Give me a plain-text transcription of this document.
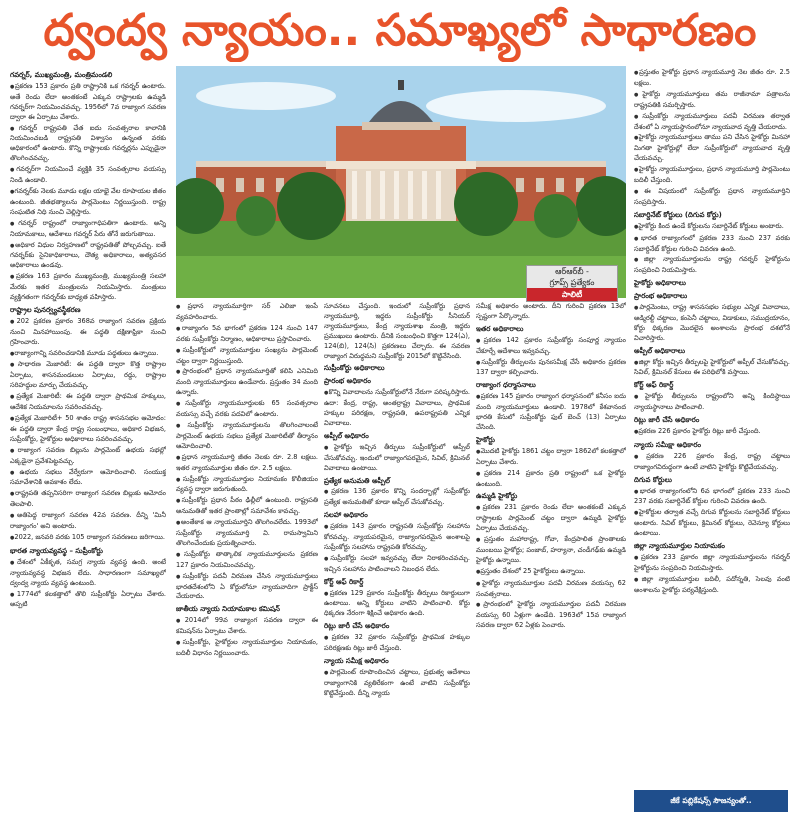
ద్వంద్వ న్యాయం.. సమాఖ్యలో సాధారణం
గవర్నర్, ముఖ్యమంత్రి, మంత్రిమండలి
● ప్రకరణ 153 ప్రకారం ప్రతి రాష్ట్రానికి ఒక గవర్నర్ ఉంటారు. అతే రెండు లేదా అంతకంటే ఎక్కువ రాష్ట్రాలకు ఉమ్మడి గవర్నర్‌గా నియమించవచ్చు. 1956లో 7వ రాజ్యాంగ సవరణ ద్వారా ఈ ఏర్పాటు చేశారు.
● గవర్నర్ రాష్ట్రపతి చేత ఐదు సంవత్సరాల కాలానికి నియమించబడి రాష్ట్రపతి విశ్వాసం ఉన్నంత వరకు అధికారంలో ఉంటారు. కొన్ని రాష్ట్రాలకు గవర్నర్లను ఎప్పుడైనా తొలగించవచ్చు.
● గవర్నర్‌గా నియమించే వ్యక్తికి 35 సంవత్సరాల వయస్సు నిండి ఉండాలి.
● గవర్నర్‌కు నెలకు మూడు లక్షల యాభై వేల రూపాయల జీతం ఉంటుంది. జీతభత్యాలను పార్లమెంటు నిర్ణయిస్తుంది. రాష్ట్ర సంఘటిత నిధి నుంచి చెల్లిస్తారు.
● గవర్నర్ రాష్ట్రంలో రాజ్యాంగాధిపతిగా ఉంటారు. అన్ని నియామకాలు, ఆదేశాలు గవర్నర్ పేరు తోనే జరుగుతాయి.
● అధికార విధుల నిర్వహణలో రాష్ట్రపతితో పోల్చవచ్చు. ఐతే గవర్నర్‌కు సైనికాధికారాలు, దౌత్య అధికారాలు, అత్యవసర అధికారాలు ఉండవు.
● ప్రకరణ 163 ప్రకారం ముఖ్యమంత్రి, ముఖ్యమంత్రి సలహా మేరకు ఇతర మంత్రులను నియమిస్తారు. మంత్రులు వ్యక్తిగతంగా గవర్నర్‌కు బాధ్యత వహిస్తారు.
రాష్ట్రాల పునర్వ్యవస్థీకరణ
● 202 ప్రకరణ ప్రకారం 368వ రాజ్యాంగ సవరణ ప్రక్రియ నుంచి మినహాయింపు. ఈ పద్ధతి దక్షిణాఫ్రికా నుంచి గ్రహించారు.
● రాజ్యాంగాన్ని సవరించడానికి మూడు పద్ధతులు ఉన్నాయి.
● సాధారణ మెజారిటీ: ఈ పద్ధతి ద్వారా కొత్త రాష్ట్రాల ఏర్పాటు, శాసనమండలుల ఏర్పాటు, రద్దు, రాష్ట్రాల సరిహద్దుల మార్పు చేయవచ్చు.
● ప్రత్యేక మెజారిటీ: ఈ పద్ధతి ద్వారా ప్రాథమిక హక్కులు, ఆదేశిక నియమాలను సవరించవచ్చు.
● ప్రత్యేక మెజారిటీ+ 50 శాతం రాష్ట్ర శాసనసభల ఆమోదం: ఈ పద్ధతి ద్వారా కేంద్ర రాష్ట్ర సంబంధాలు, అధికార విభజన, సుప్రీంకోర్టు, హైకోర్టుల అధికారాలు సవరించవచ్చు.
● రాజ్యాంగ సవరణ బిల్లును పార్లమెంట్ ఉభయ సభల్లో ఎక్కడైనా ప్రవేశపెట్టవచ్చు.
● ఉభయ సభలు వేర్వేరుగా ఆమోదించాలి. సంయుక్త సమావేశానికి అవకాశం లేదు.
● రాష్ట్రపతి తప్పనిసరిగా రాజ్యాంగ సవరణ బిల్లుకు ఆమోదం తెలపాలి.
● అతిపెద్ద రాజ్యాంగ సవరణ 42వ సవరణ. దీన్ని 'మినీ రాజ్యాంగం' అని అంటారు.
● 2022, జనవరి వరకు 105 రాజ్యాంగ సవరణలు జరిగాయి.
భారత న్యాయవ్యవస్థ – సుప్రీంకోర్టు
● దేశంలో ఏకీకృత, సమగ్ర న్యాయ వ్యవస్థ ఉంది. అంటే న్యాయవ్యవస్థ విభజన లేదు. సాధారణంగా సమాఖ్యలో ద్వంద్వ న్యాయ వ్యవస్థ ఉంటుంది.
● 1774లో కలకత్తాలో తొలి సుప్రీంకోర్టు ఏర్పాటు చేశారు. అప్పటి
ఆర్‌ఆర్‌బీ -
గ్రూప్స్ ప్రత్యేకం
పాలిటీ
● ప్రధాన న్యాయమూర్తిగా సర్ ఎలిజా ఇంపే వ్యవహరించారు.
● రాజ్యాంగం 5వ భాగంలో ప్రకరణ 124 నుంచి 147 వరకు సుప్రీంకోర్టు నిర్మాణం, అధికారాలు ప్రస్తావించారు.
● సుప్రీంకోర్టులో న్యాయమూర్తుల సంఖ్యను పార్లమెంట్ చట్టం ద్వారా నిర్ణయిస్తుంది.
● ప్రారంభంలో ప్రధాన న్యాయమూర్తితో కలిపి ఎనిమిది మంది న్యాయమూర్తులు ఉండేవారు. ప్రస్తుతం 34 మంది ఉన్నారు.
● సుప్రీంకోర్టు న్యాయమూర్తులకు 65 సంవత్సరాల వయస్సు వచ్చే వరకు పదవిలో ఉంటారు.
● సుప్రీంకోర్టు న్యాయమూర్తులను తొలగించాలంటే పార్లమెంట్ ఉభయ సభలు ప్రత్యేక మెజారిటీతో తీర్మానం ఆమోదించాలి.
● ప్రధాన న్యాయమూర్తి జీతం నెలకు రూ. 2.8 లక్షలు. ఇతర న్యాయమూర్తుల జీతం రూ. 2.5 లక్షలు.
● సుప్రీంకోర్టు న్యాయమూర్తుల నియామకం కొలీజియం వ్యవస్థ ద్వారా జరుగుతుంది.
● సుప్రీంకోర్టు ప్రధాన పీఠం ఢిల్లీలో ఉంటుంది. రాష్ట్రపతి అనుమతితో ఇతర ప్రాంతాల్లో సమావేశం కావచ్చు.
● అంతేకాక ఆ న్యాయమూర్తిని తొలగించలేదు. 1993లో సుప్రీంకోర్టు న్యాయమూర్తి వి. రామస్వామిని తొలగించేందుకు ప్రయత్నించారు.
● సుప్రీంకోర్టు తాత్కాలిక న్యాయమూర్తులను ప్రకరణ 127 ప్రకారం నియమించవచ్చు.
● సుప్రీంకోర్టు పదవీ విరమణ చేసిన న్యాయమూర్తులు భారతదేశంలోని ఏ కోర్టులోనూ న్యాయవాదిగా ప్రాక్టీస్ చేయరాదు.
జాతీయ న్యాయ నియామకాల కమిషన్
● 2014లో 99వ రాజ్యాంగ సవరణ ద్వారా ఈ కమిషన్‌ను ఏర్పాటు చేశారు.
● సుప్రీంకోర్టు, హైకోర్టుల న్యాయమూర్తుల నియామకం, బదిలీ విధానం నిర్ణయించారు.

సూచనలు చేస్తుంది. ఇందులో సుప్రీంకోర్టు ప్రధాన న్యాయమూర్తి, ఇద్దరు సుప్రీంకోర్టు సీనియర్ న్యాయమూర్తులు, కేంద్ర న్యాయశాఖ మంత్రి, ఇద్దరు ప్రముఖులు ఉంటారు. దీనికి సంబంధించి కొత్తగా 124(ఎ), 124(బి), 124(సి) ప్రకరణలు చేర్చారు. ఈ సవరణ రాజ్యాంగ విరుద్ధమని సుప్రీంకోర్టు 2015లో కొట్టివేసింది.

సుప్రీంకోర్టు అధికారాలు
ప్రారంభ అధికారం
● కొన్ని వివాదాలను సుప్రీంకోర్టులోనే నేరుగా పరిష్కరిస్తారు. ఉదా: కేంద్ర, రాష్ట్ర, అంతర్రాష్ట్ర వివాదాలు, ప్రాథమిక హక్కుల పరిరక్షణ, రాష్ట్రపతి, ఉపరాష్ట్రపతి ఎన్నిక వివాదాలు.
అప్పీల్ అధికారం
● హైకోర్టు ఇచ్చిన తీర్పులు సుప్రీంకోర్టులో అప్పీల్ చేసుకోవచ్చు. ఇందులో రాజ్యాంగపరమైన, సివిల్, క్రిమినల్ వివాదాలు ఉంటాయి.
ప్రత్యేక అనుమతి అప్పీల్
● ప్రకరణ 136 ప్రకారం కొన్ని సందర్భాల్లో సుప్రీంకోర్టు ప్రత్యేక అనుమతితో కూడా అప్పీల్ చేసుకోవచ్చు.
సలహా అధికారం
● ప్రకరణ 143 ప్రకారం రాష్ట్రపతి సుప్రీంకోర్టు సలహాను కోరవచ్చు. న్యాయపరమైన, రాజ్యాంగపరమైన అంశాలపై సుప్రీంకోర్టు సలహాను రాష్ట్రపతి కోరవచ్చు.
● సుప్రీంకోర్టు సలహా ఇవ్వవచ్చు లేదా నిరాకరించవచ్చు. ఇచ్చిన సలహాను పాటించాలని నిబంధన లేదు.
కోర్ట్ ఆఫ్ రికార్డ్
● ప్రకరణ 129 ప్రకారం సుప్రీంకోర్టు తీర్పులు రికార్డులుగా ఉంటాయి. అన్ని కోర్టులు వాటిని పాటించాలి. కోర్టు ధిక్కరణ నేరంగా శిక్షించే అధికారం ఉంది.
రిట్లు జారీ చేసే అధికారం
● ప్రకరణ 32 ప్రకారం సుప్రీంకోర్టు ప్రాథమిక హక్కుల పరిరక్షణకు రిట్లు జారీ చేస్తుంది.
న్యాయ సమీక్ష అధికారం
● పార్లమెంట్ రూపొందించిన చట్టాలు, ప్రభుత్వ ఆదేశాలు రాజ్యాంగానికి వ్యతిరేకంగా ఉంటే వాటిని సుప్రీంకోర్టు కొట్టివేస్తుంది. దీన్ని న్యాయ

సమీక్ష అధికారం అంటారు. దీని గురించి ప్రకరణ 13లో స్పష్టంగా పేర్కొన్నారు.

ఇతర అధికారాలు
● ప్రకరణ 142 ప్రకారం సుప్రీంకోర్టు సంపూర్ణ న్యాయం చేకూర్చే ఆదేశాలు ఇవ్వవచ్చు.
● సుప్రీంకోర్టు తీర్పులను పునఃసమీక్ష చేసే అధికారం ప్రకరణ 137 ద్వారా కల్పించారు.
రాజ్యాంగ ధర్మాసనాలు
● ప్రకరణ 145 ప్రకారం రాజ్యాంగ ధర్మాసనంలో కనీసం ఐదు మంది న్యాయమూర్తులు ఉండాలి. 1978లో కేశవానంద భారతి కేసులో సుప్రీంకోర్టు ఫుల్ బెంచ్ (13) ఏర్పాటు చేసింది.
హైకోర్టు
● మొదటి హైకోర్టు 1861 చట్టం ద్వారా 1862లో కలకత్తాలో ఏర్పాటు చేశారు.
● ప్రకరణ 214 ప్రకారం ప్రతి రాష్ట్రంలో ఒక హైకోర్టు ఉంటుంది.
ఉమ్మడి హైకోర్టు
● ప్రకరణ 231 ప్రకారం రెండు లేదా అంతకంటే ఎక్కువ రాష్ట్రాలకు పార్లమెంట్ చట్టం ద్వారా ఉమ్మడి హైకోర్టు ఏర్పాటు చేయవచ్చు.
● ప్రస్తుతం మహారాష్ట్ర, గోవా, కేంద్రపాలిత ప్రాంతాలకు ముంబయి హైకోర్టు; పంజాబ్, హర్యానా, చండీగఢ్‌కు ఉమ్మడి హైకోర్టు ఉన్నాయి.
● ప్రస్తుతం దేశంలో 25 హైకోర్టులు ఉన్నాయి.
● హైకోర్టు న్యాయమూర్తుల పదవీ విరమణ వయస్సు 62 సంవత్సరాలు.
● ప్రారంభంలో హైకోర్టు న్యాయమూర్తుల పదవీ విరమణ వయస్సు 60 ఏళ్లుగా ఉండేది. 1963లో 15వ రాజ్యాంగ సవరణ ద్వారా 62 ఏళ్లకు పెంచారు.
● ప్రస్తుతం హైకోర్టు ప్రధాన న్యాయమూర్తి నెల జీతం రూ. 2.5 లక్షలు.
● హైకోర్టు న్యాయమూర్తులు తమ రాజీనామా పత్రాలను రాష్ట్రపతికి సమర్పిస్తారు.
● సుప్రీంకోర్టు న్యాయమూర్తులు పదవీ విరమణ తర్వాత దేశంలో ఏ న్యాయస్థానంలోనూ న్యాయవాద వృత్తి చేయరాదు.
● హైకోర్టు న్యాయమూర్తులు తాము పని చేసిన హైకోర్టు మినహా మిగతా హైకోర్టుల్లో లేదా సుప్రీంకోర్టులో న్యాయవాద వృత్తి చేయవచ్చు.
● హైకోర్టు న్యాయమూర్తులు, ప్రధాన న్యాయమూర్తి పార్లమెంటు బదిలీ చేస్తుంది.
● ఈ విషయంలో సుప్రీంకోర్టు ప్రధాన న్యాయమూర్తిని సంప్రదిస్తారు.
సబార్డినేట్ కోర్టులు (దిగువ కోర్టు)
● హైకోర్టు కింద ఉండే కోర్టులను సబార్డినేట్ కోర్టులు అంటారు.
● భారత రాజ్యాంగంలో ప్రకరణ 233 నుంచి 237 వరకు సబార్డినేట్ కోర్టుల గురించి వివరణ ఉంది.
● జిల్లా న్యాయమూర్తులను రాష్ట్ర గవర్నర్ హైకోర్టును సంప్రదించి నియమిస్తారు.
హైకోర్టు అధికారాలు
ప్రారంభ అధికారాలు
● పార్లమెంటు, రాష్ట్ర శాసనసభల సభ్యుల ఎన్నిక వివాదాలు, అడ్మిరల్టీ చట్టాలు, కంపెనీ చట్టాలు, విడాకులు, సముద్రయానం, కోర్టు ధిక్కరణ మొదలైన అంశాలను ప్రారంభ దశలోనే విచారిస్తారు.
అప్పీల్ అధికారాలు
● జిల్లా కోర్టు ఇచ్చిన తీర్పులపై హైకోర్టులో అప్పీల్ చేసుకోవచ్చు. సివిల్, క్రిమినల్ కేసులు ఈ పరిధిలోకి వస్తాయి.
కోర్ట్ ఆఫ్ రికార్డ్
● హైకోర్టు తీర్పులను రాష్ట్రంలోని అన్ని కిందిస్థాయి న్యాయస్థానాలు పాటించాలి.
రిట్లు జారీ చేసే అధికారం
● ప్రకరణ 226 ప్రకారం హైకోర్టు రిట్లు జారీ చేస్తుంది.
న్యాయ సమీక్షా అధికారం
● ప్రకరణ 226 ప్రకారం కేంద్ర, రాష్ట్ర చట్టాలు రాజ్యాంగవిరుద్ధంగా ఉంటే వాటిని హైకోర్టు కొట్టివేయవచ్చు.
దిగువ కోర్టులు
● భారత రాజ్యాంగంలోని 6వ భాగంలో ప్రకరణ 233 నుంచి 237 వరకు సబార్డినేట్ కోర్టుల గురించి వివరణ ఉంది.
● హైకోర్టుల తర్వాత వచ్చే దిగువ కోర్టులను సబార్డినేట్ కోర్టులు అంటారు. సివిల్ కోర్టులు, క్రిమినల్ కోర్టులు, రెవెన్యూ కోర్టులు ఉంటాయి.
జిల్లా న్యాయమూర్తుల నియామకం
● ప్రకరణ 233 ప్రకారం జిల్లా న్యాయమూర్తులను గవర్నర్ హైకోర్టును సంప్రదించి నియమిస్తారు.
● జిల్లా న్యాయమూర్తుల బదిలీ, పదోన్నతి, సెలవు వంటి అంశాలను హైకోర్టు పర్యవేక్షిస్తుంది.
జీకే పబ్లికేషన్స్ సౌజన్యంతో..
